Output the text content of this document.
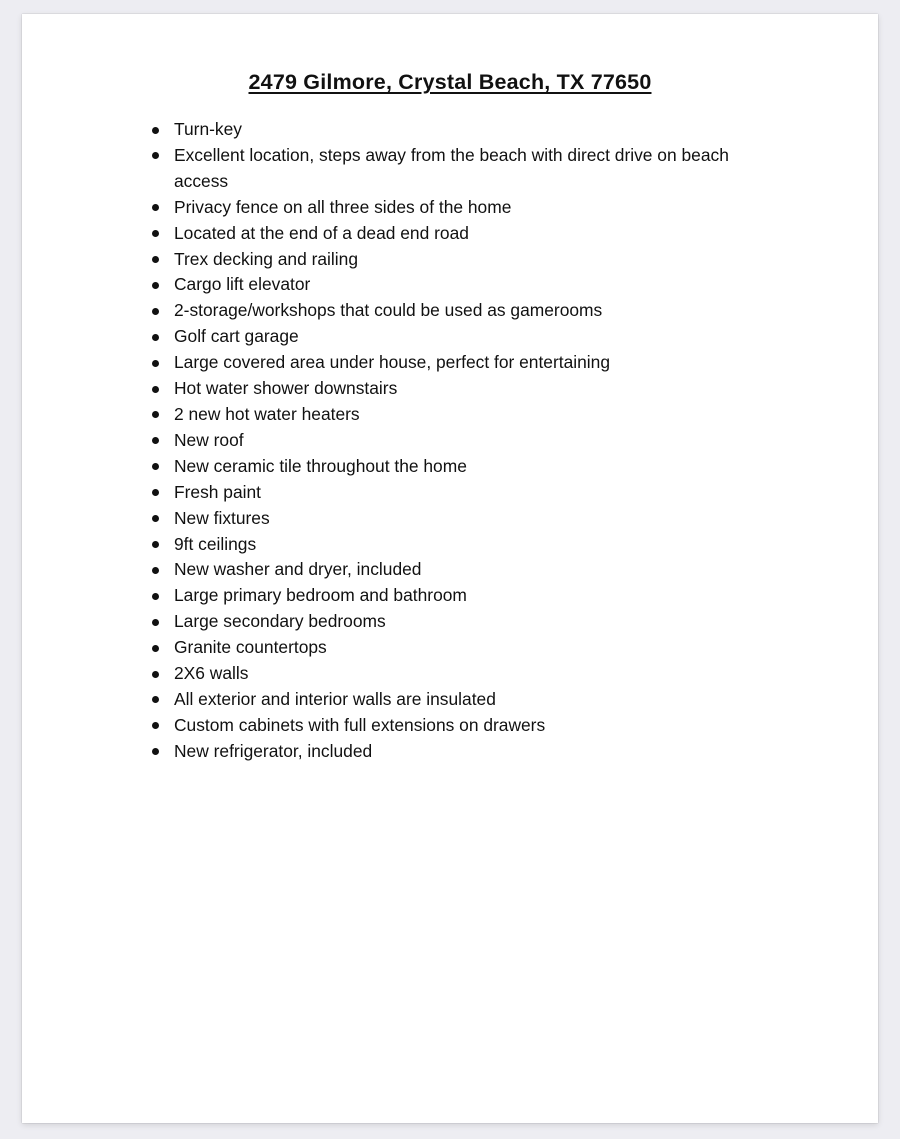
2479 Gilmore, Crystal Beach, TX 77650
Turn-key
Excellent location, steps away from the beach with direct drive on beach access
Privacy fence on all three sides of the home
Located at the end of a dead end road
Trex decking and railing
Cargo lift elevator
2-storage/workshops that could be used as gamerooms
Golf cart garage
Large covered area under house, perfect for entertaining
Hot water shower downstairs
2 new hot water heaters
New roof
New ceramic tile throughout the home
Fresh paint
New fixtures
9ft ceilings
New washer and dryer, included
Large primary bedroom and bathroom
Large secondary bedrooms
Granite countertops
2X6 walls
All exterior and interior walls are insulated
Custom cabinets with full extensions on drawers
New refrigerator, included
